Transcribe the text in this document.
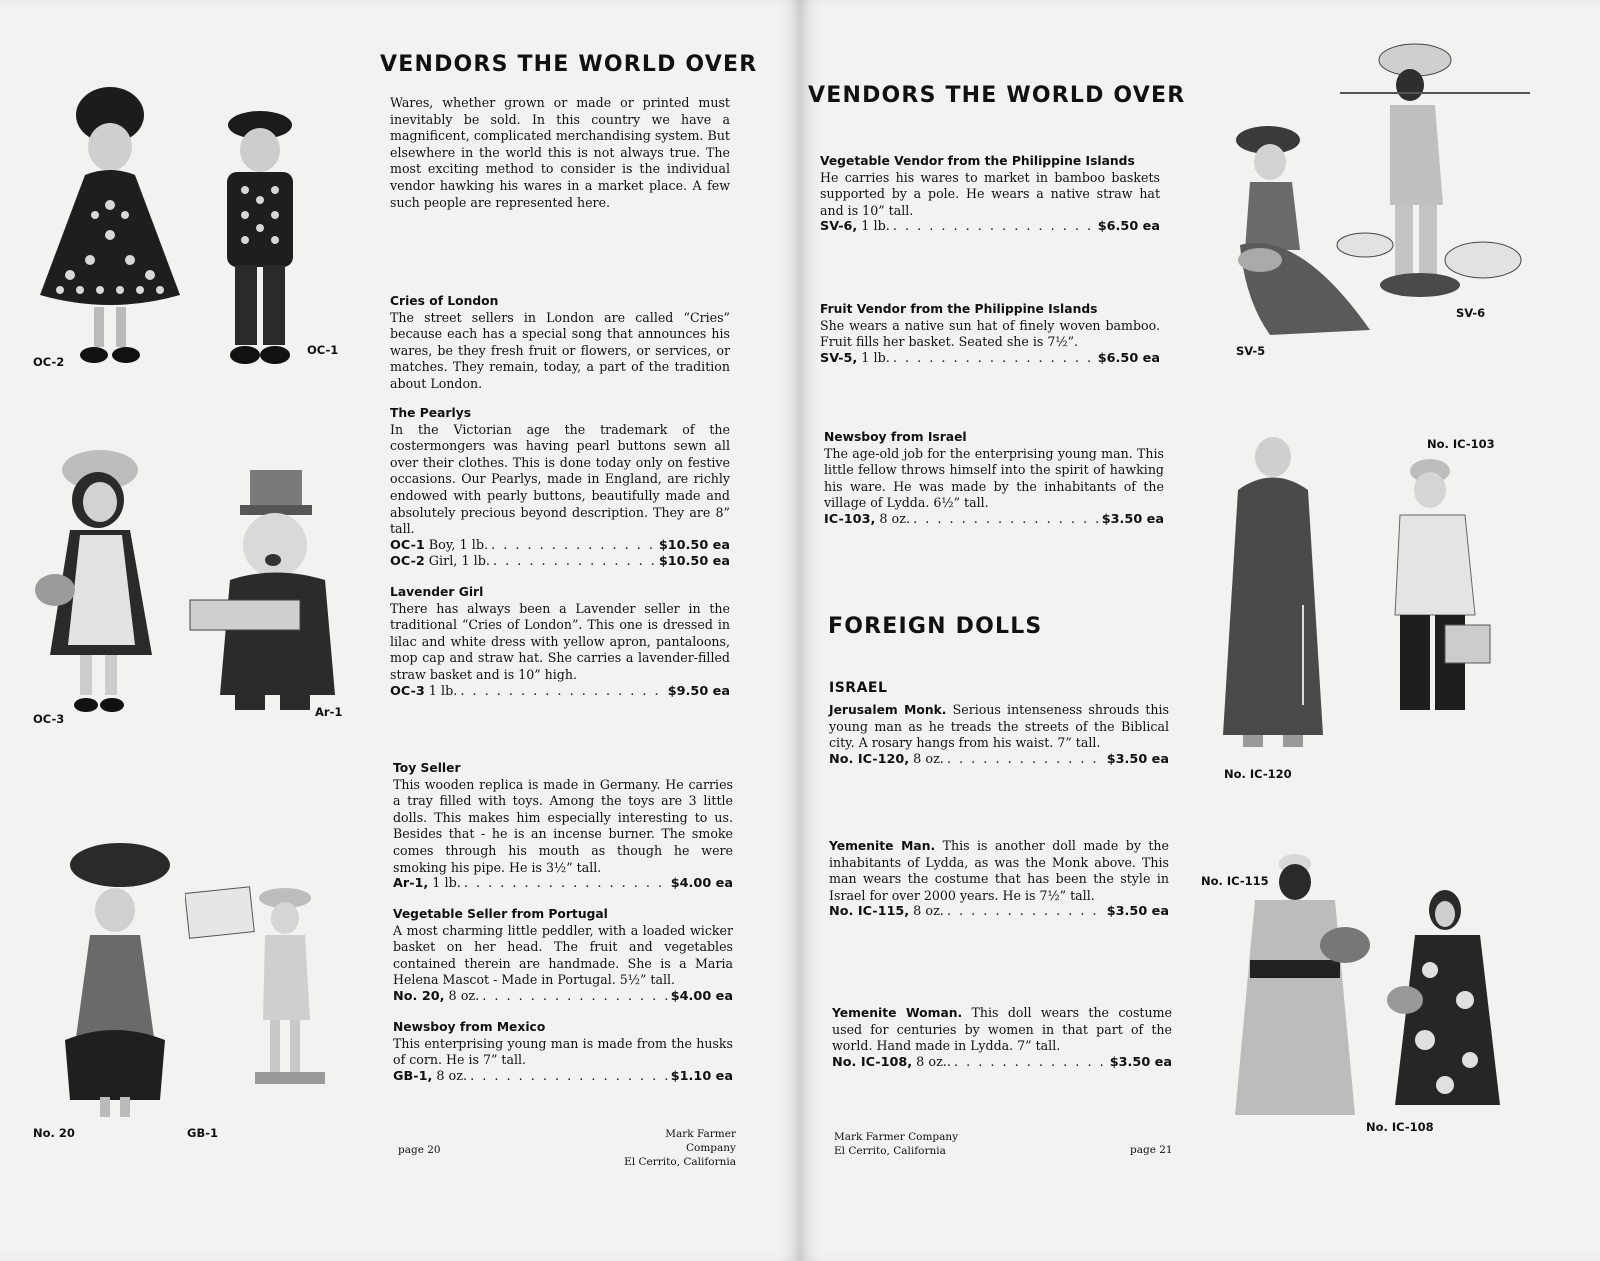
VENDORS THE WORLD OVER

Wares, whether grown or made or printed must inevitably be sold. In this country we have a magnificent, complicated merchandising system. But elsewhere in the world this is not always true. The most exciting method to consider is the individual vendor hawking his wares in a market place. A few such people are represented here.

Cries of London

The street sellers in London are called “Cries” because each has a special song that announces his wares, be they fresh fruit or flowers, or services, or matches. They remain, today, a part of the tradition about London.

The Pearlys

In the Victorian age the trademark of the costermongers was having pearl buttons sewn all over their clothes. This is done today only on festive occasions. Our Pearlys, made in England, are richly endowed with pearly buttons, beautifully made and absolutely precious beyond description. They are 8” tall.

OC-1 Boy, 1 lb. . . .	$10.50 ea
OC-2 Girl, 1 lb. . . .	$10.50 ea
Lavender Girl

There has always been a Lavender seller in the traditional “Cries of London”. This one is dressed in lilac and white dress with yellow apron, pantaloons, mop cap and straw hat. She carries a lavender-filled straw basket and is 10” high.

OC-3 1 lb. . . .	$9.50 ea
Toy Seller

This wooden replica is made in Germany. He carries a tray filled with toys. Among the toys are 3 little dolls. This makes him especially interesting to us. Besides that - he is an incense burner. The smoke comes through his mouth as though he were smoking his pipe. He is 3½” tall.

Ar-1, 1 lb. . . .	$4.00 ea
Vegetable Seller from Portugal

A most charming little peddler, with a loaded wicker basket on her head. The fruit and vegetables contained therein are handmade. She is a Maria Helena Mascot - Made in Portugal. 5½” tall.

No. 20, 8 oz. . . .	$4.00 ea
Newsboy from Mexico

This enterprising young man is made from the husks of corn. He is 7” tall.

GB-1, 8 oz. . . .	$1.10 ea
page 20
Mark Farmer Company
El Cerrito, California
OC-2
OC-1
OC-3	Ar-1
No. 20	GB-1
VENDORS THE WORLD OVER
Vegetable Vendor from the Philippine Islands

He carries his wares to market in bamboo baskets supported by a pole. He wears a native straw hat and is 10” tall.

SV-6, 1 lb. . . .	$6.50 ea
Fruit Vendor from the Philippine Islands

She wears a native sun hat of finely woven bamboo. Fruit fills her basket. Seated she is 7½”.

SV-5, 1 lb. . . .	$6.50 ea
Newsboy from Israel

The age-old job for the enterprising young man. This little fellow throws himself into the spirit of hawking his ware. He was made by the inhabitants of the village of Lydda. 6½” tall.

IC-103, 8 oz. . . .	$3.50 ea
FOREIGN DOLLS
ISRAEL

Jerusalem Monk. Serious intenseness shrouds this young man as he treads the streets of the Biblical city. A rosary hangs from his waist. 7” tall.

No. IC-120, 8 oz. . . .	$3.50 ea

Yemenite Man. This is another doll made by the inhabitants of Lydda, as was the Monk above. This man wears the costume that has been the style in Israel for over 2000 years. He is 7½” tall.

No. IC-115, 8 oz. . . .	$3.50 ea

Yemenite Woman. This doll wears the costume used for centuries by women in that part of the world. Hand made in Lydda. 7” tall.

No. IC-108, 8 oz.. . . .	$3.50 ea
Mark Farmer Company
El Cerrito, California	page 21
SV-5
SV-6
No. IC-103
No. IC-120
No. IC-115
No. IC-108
